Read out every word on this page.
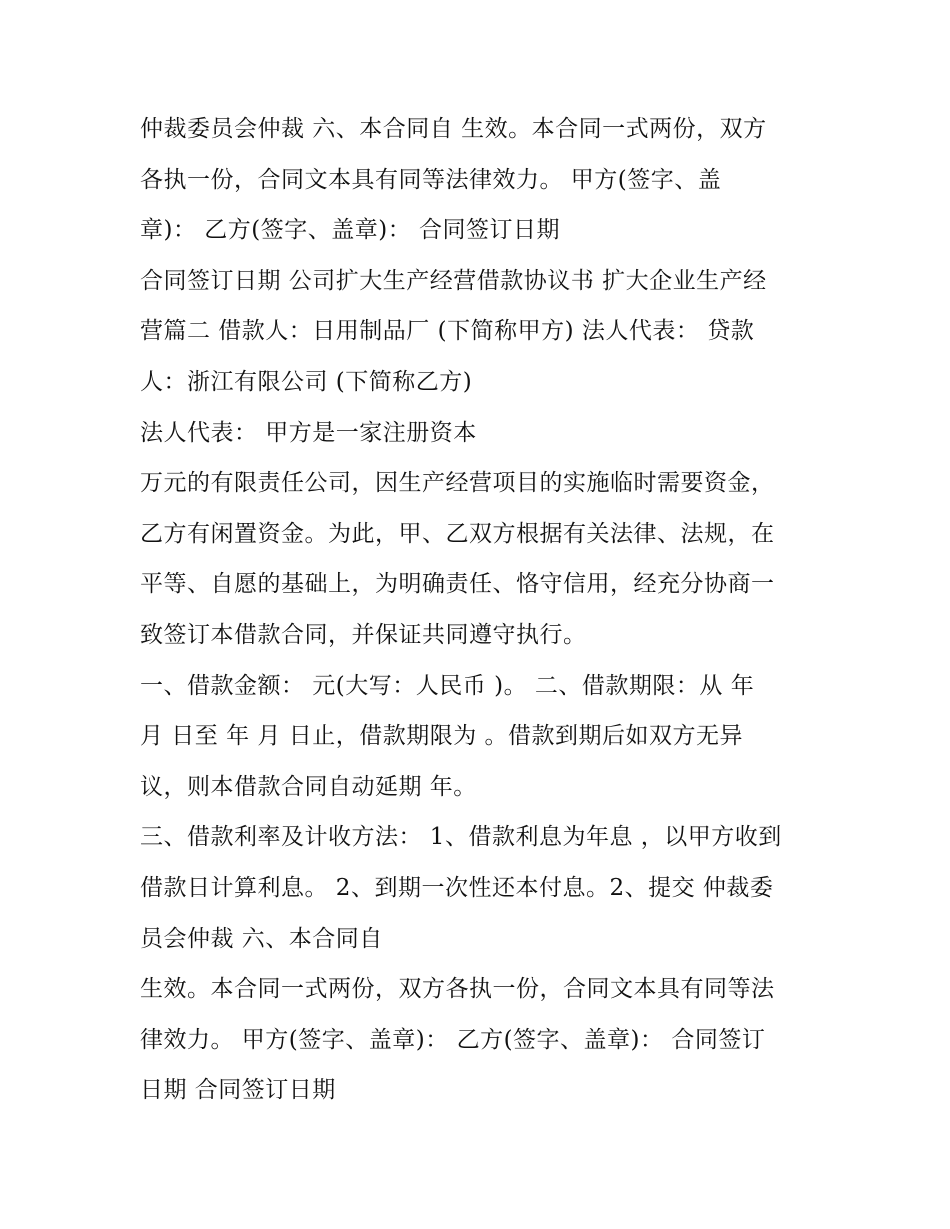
仲裁委员会仲裁 六、本合同自 生效。本合同一式两份，双方
各执一份，合同文本具有同等法律效力。 甲方(签字、盖
章)： 乙方(签字、盖章)： 合同签订日期
合同签订日期 公司扩大生产经营借款协议书 扩大企业生产经
营篇二 借款人：日用制品厂 (下简称甲方) 法人代表： 贷款
人：浙江有限公司 (下简称乙方)
法人代表： 甲方是一家注册资本
万元的有限责任公司，因生产经营项目的实施临时需要资金，
乙方有闲置资金。为此，甲、乙双方根据有关法律、法规，在
平等、自愿的基础上，为明确责任、恪守信用，经充分协商一
致签订本借款合同，并保证共同遵守执行。
一、借款金额： 元(大写：人民币 )。 二、借款期限：从 年
月 日至 年 月 日止，借款期限为 。借款到期后如双方无异
议，则本借款合同自动延期 年。
三、借款利率及计收方法： 1、借款利息为年息 ，以甲方收到
借款日计算利息。 2、到期一次性还本付息。2、提交 仲裁委
员会仲裁 六、本合同自
生效。本合同一式两份，双方各执一份，合同文本具有同等法
律效力。 甲方(签字、盖章)： 乙方(签字、盖章)： 合同签订
日期 合同签订日期
